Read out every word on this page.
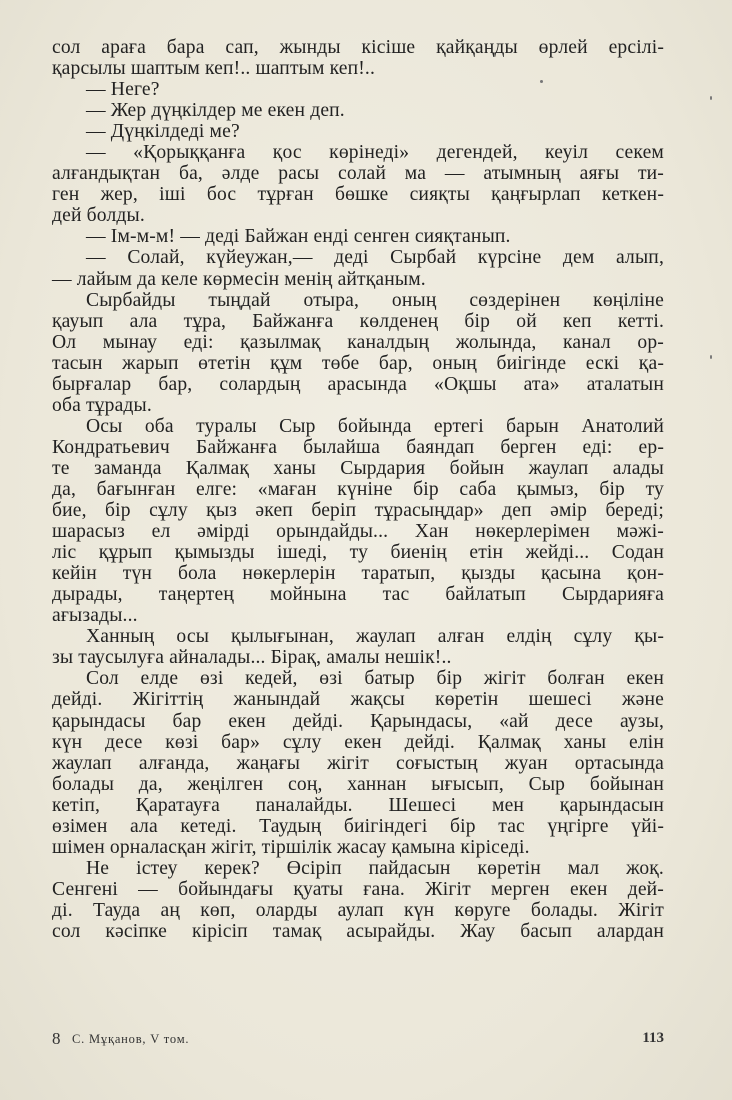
сол араға бара сап, жынды кісіше қайқаңды өрлей ерсілі-
қарсылы шаптым кеп!.. шаптым кеп!..
— Неге?
— Жер дүңкілдер ме екен деп.
— Дүңкілдеді ме?
— «Қорыққанға қос көрінеді» дегендей, кеуіл секем
алғандықтан ба, әлде расы солай ма — атымның аяғы ти-
ген жер, іші бос тұрған бөшке сияқты қаңғырлап кеткен-
дей болды.
— Ім-м-м! — деді Байжан енді сенген сияқтанып.
— Солай, күйеужан,— деді Сырбай күрсіне дем алып,
— лайым да келе көрмесін менің айтқаным.
Сырбайды тыңдай отыра, оның сөздерінен көңіліне
қауып ала тұра, Байжанға көлденең бір ой кеп кетті.
Ол мынау еді: қазылмақ каналдың жолында, канал ор-
тасын жарып өтетін құм төбе бар, оның биігінде ескі қа-
бырғалар бар, солардың арасында «Оқшы ата» аталатын
оба тұрады.
Осы оба туралы Сыр бойында ертегі барын Анатолий
Кондратьевич Байжанға былайша баяндап берген еді: ер-
те заманда Қалмақ ханы Сырдария бойын жаулап алады
да, бағынған елге: «маған күніне бір саба қымыз, бір ту
бие, бір сұлу қыз әкеп беріп тұрасыңдар» деп әмір береді;
шарасыз ел әмірді орындайды... Хан нөкерлерімен мәжі-
ліс құрып қымызды ішеді, ту биенің етін жейді... Содан
кейін түн бола нөкерлерін таратып, қызды қасына қон-
дырады, таңертең мойнына тас байлатып Сырдарияға
ағызады...
Ханның осы қылығынан, жаулап алған елдің сұлу қы-
зы таусылуға айналады... Бірақ, амалы нешік!..
Сол елде өзі кедей, өзі батыр бір жігіт болған екен
дейді. Жігіттің жанындай жақсы көретін шешесі және
қарындасы бар екен дейді. Қарындасы, «ай десе аузы,
күн десе көзі бар» сұлу екен дейді. Қалмақ ханы елін
жаулап алғанда, жаңағы жігіт соғыстың жуан ортасында
болады да, жеңілген соң, ханнан ығысып, Сыр бойынан
кетіп, Қаратауға паналайды. Шешесі мен қарындасын
өзімен ала кетеді. Таудың биігіндегі бір тас үңгірге үйі-
шімен орналасқан жігіт, тіршілік жасау қамына кіріседі.
Не істеу керек? Өсіріп пайдасын көретін мал жоқ.
Сенгені — бойындағы қуаты ғана. Жігіт мерген екен дей-
ді. Тауда аң көп, оларды аулап күн көруге болады. Жігіт
сол кәсіпке кірісіп тамақ асырайды. Жау басып алардан
8 С. Мұқанов, V том.	113
